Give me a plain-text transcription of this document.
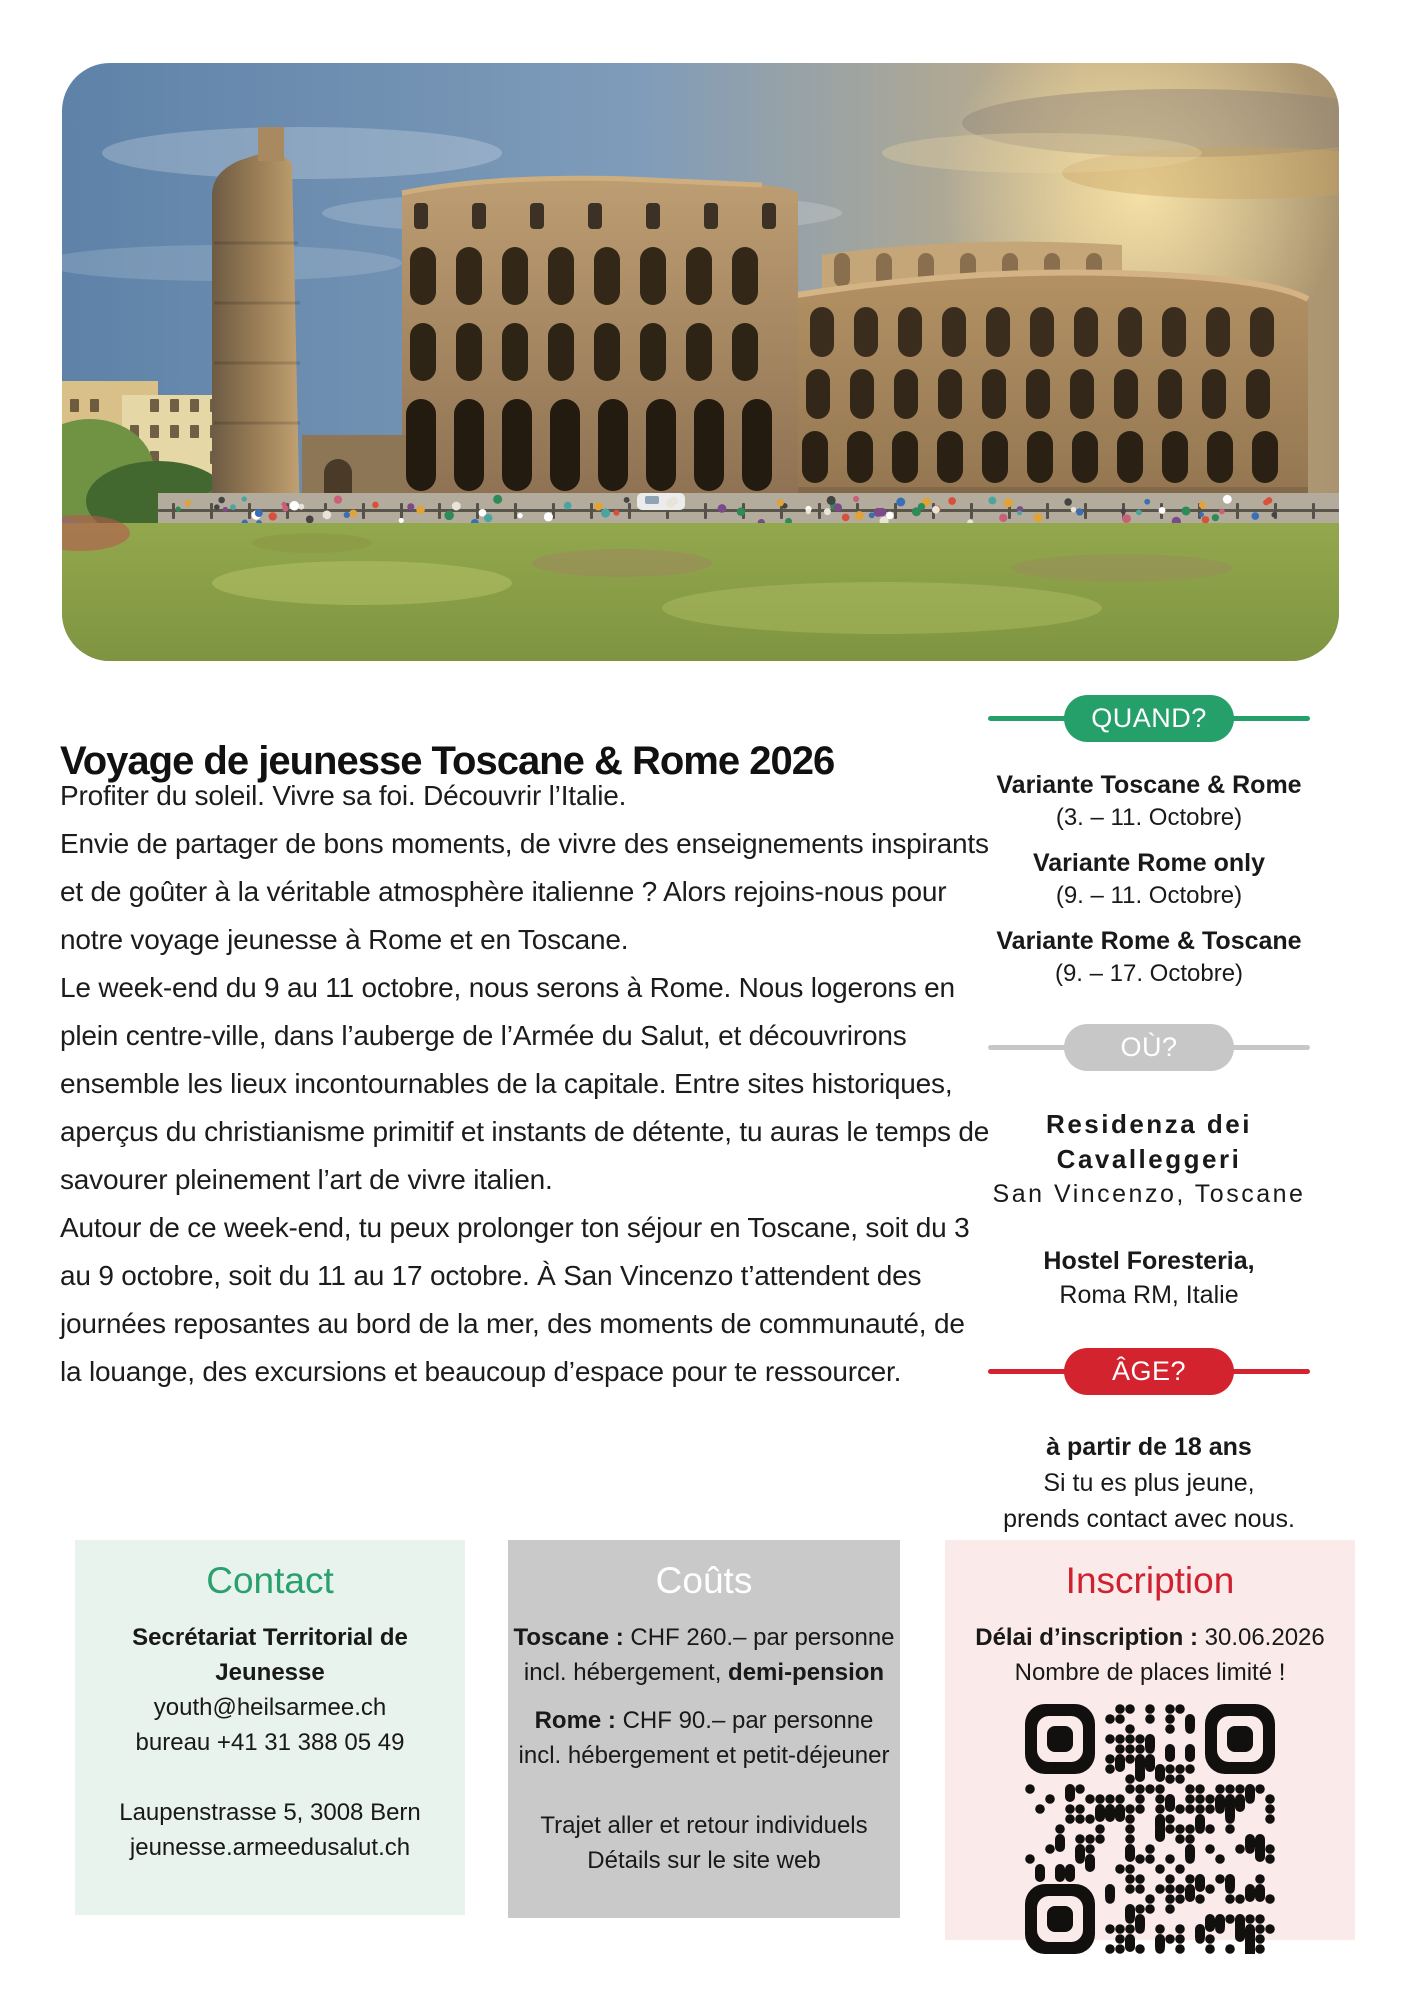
Voyage de jeunesse Toscane & Rome 2026

Profiter du soleil. Vivre sa foi. Découvrir l’Italie.

Envie de partager de bons moments, de vivre des enseignements inspirants et de goûter à la véritable atmosphère italienne ? Alors rejoins-nous pour notre voyage jeunesse à Rome et en Toscane.

Le week-end du 9 au 11 octobre, nous serons à Rome. Nous logerons en plein centre-ville, dans l’auberge de l’Armée du Salut, et découvrirons ensemble les lieux incontournables de la capitale. Entre sites historiques, aperçus du christianisme primitif et instants de détente, tu auras le temps de savourer pleinement l’art de vivre italien.

Autour de ce week-end, tu peux prolonger ton séjour en Toscane, soit du 3 au 9 octobre, soit du 11 au 17 octobre. À San Vincenzo t’attendent des journées reposantes au bord de la mer, des moments de communauté, de la louange, des excursions et beaucoup d’espace pour te ressourcer.

QUAND?
Variante Toscane & Rome
(3. – 11. Octobre)
Variante Rome only
(9. – 11. Octobre)
Variante Rome & Toscane
(9. – 17. Octobre)
OÙ?
Residenza dei
Cavalleggeri
San Vincenzo, Toscane
Hostel Foresteria,
Roma RM, Italie
ÂGE?
à partir de 18 ans
Si tu es plus jeune,
prends contact avec nous.
Contact
Secrétariat Territorial de
Jeunesse
youth@heilsarmee.ch
bureau +41 31 388 05 49
Laupenstrasse 5, 3008 Bern
jeunesse.armeedusalut.ch
Coûts
Toscane : CHF 260.– par personne
incl. hébergement, demi-pension
Rome : CHF 90.– par personne
incl. hébergement et petit-déjeuner
Trajet aller et retour individuels
Détails sur le site web
Inscription
Délai d’inscription : 30.06.2026
Nombre de places limité !
